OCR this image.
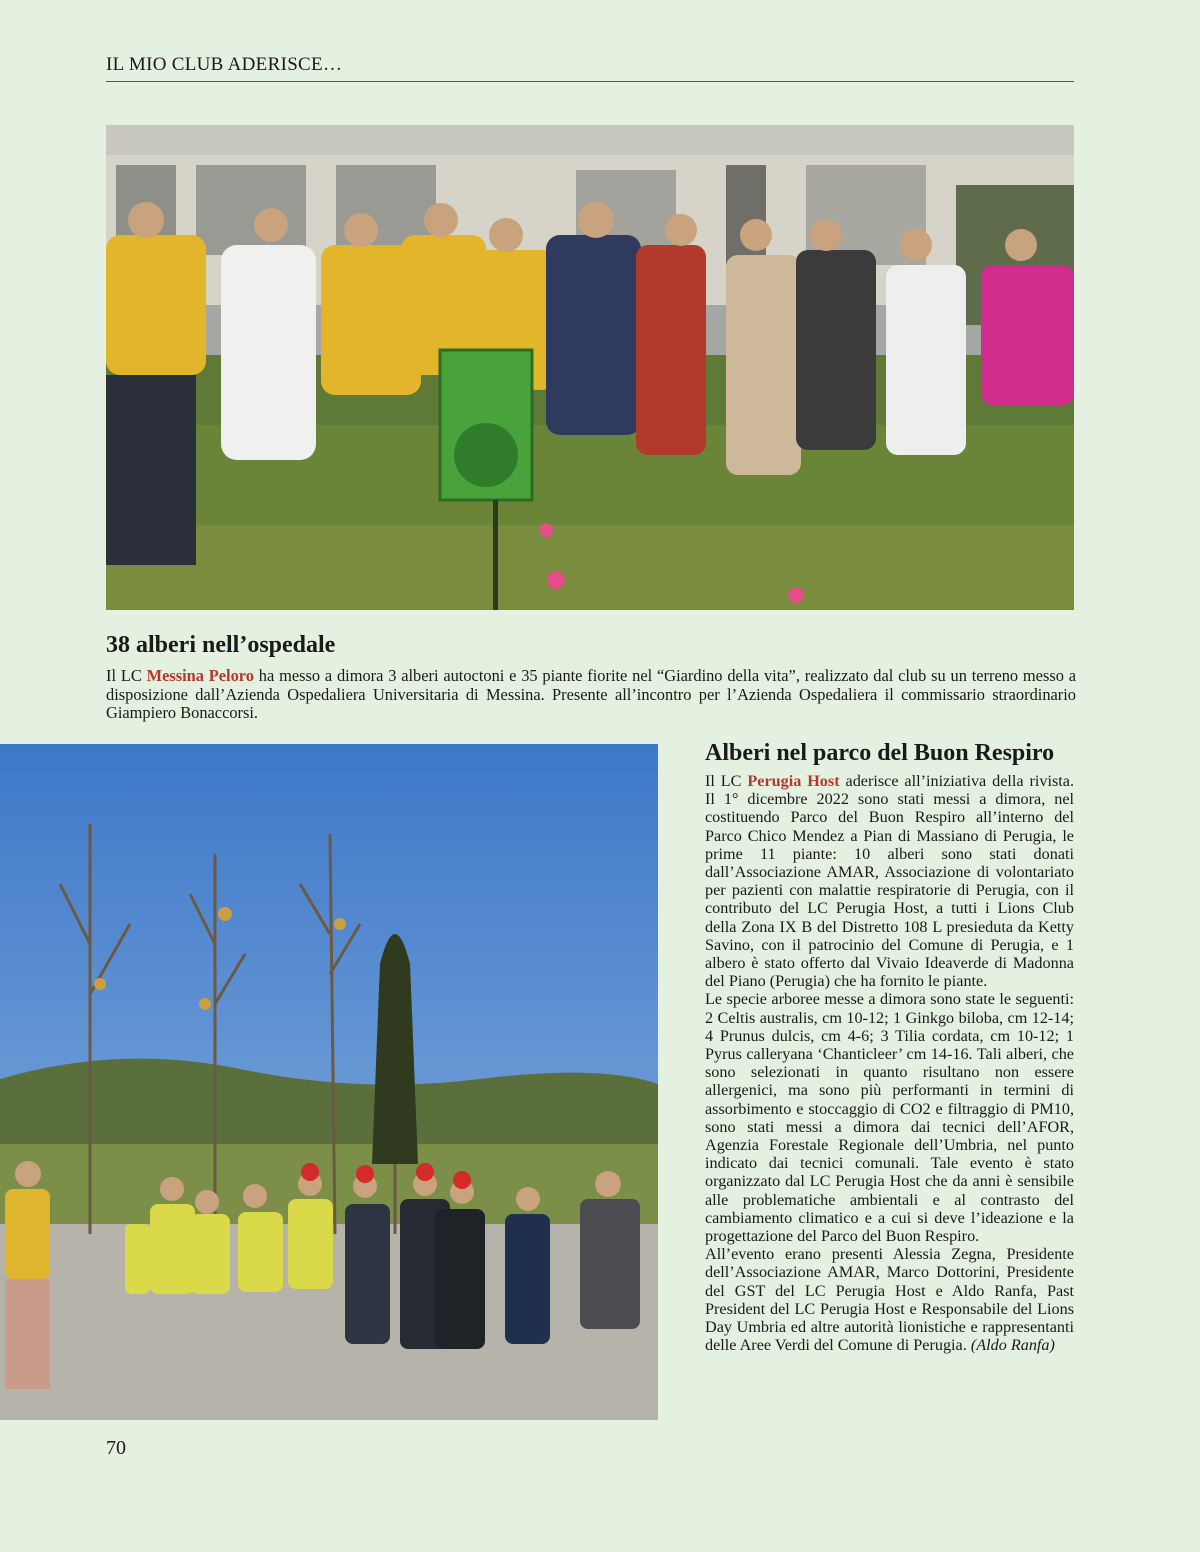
IL MIO CLUB ADERISCE…
38 alberi nell’ospedale

Il LC Messina Peloro ha messo a dimora 3 alberi autoctoni e 35 piante fiorite nel “Giardino della vita”, realizzato dal club su un terreno messo a disposizione dall’Azienda Ospedaliera Universitaria di Messina. Presente all’incontro per l’Azienda Ospedaliera il commissario straordinario Giampiero Bonaccorsi.

Alberi nel parco del Buon Respiro

Il LC Perugia Host aderisce all’iniziativa della rivista. Il 1° dicembre 2022 sono stati messi a dimora, nel costituendo Parco del Buon Respiro all’interno del Parco Chico Mendez a Pian di Massiano di Perugia, le prime 11 piante: 10 alberi sono stati donati dall’Associazione AMAR, Associazione di volontariato per pazienti con malattie respiratorie di Perugia, con il contributo del LC Perugia Host, a tutti i Lions Club della Zona IX B del Distretto 108 L presieduta da Ketty Savino, con il patrocinio del Comune di Perugia, e 1 albero è stato offerto dal Vivaio Ideaverde di Madonna del Piano (Perugia) che ha fornito le piante.

Le specie arboree messe a dimora sono state le seguenti: 2 Celtis australis, cm 10-12; 1 Ginkgo biloba, cm 12-14; 4 Prunus dulcis, cm 4-6; 3 Tilia cordata, cm 10-12; 1 Pyrus calleryana ‘Chanticleer’ cm 14-16. Tali alberi, che sono selezionati in quanto risultano non essere allergenici, ma sono più performanti in termini di assorbimento e stoccaggio di CO2 e filtraggio di PM10, sono stati messi a dimora dai tecnici dell’AFOR, Agenzia Forestale Regionale dell’Umbria, nel punto indicato dai tecnici comunali. Tale evento è stato organizzato dal LC Perugia Host che da anni è sensibile alle problematiche ambientali e al contrasto del cambiamento climatico e a cui si deve l’ideazione e la progettazione del Parco del Buon Respiro.

All’evento erano presenti Alessia Zegna, Presidente dell’Associazione AMAR, Marco Dottorini, Presidente del GST del LC Perugia Host e Aldo Ranfa, Past President del LC Perugia Host e Responsabile del Lions Day Umbria ed altre autorità lionistiche e rappresentanti delle Aree Verdi del Comune di Perugia. (Aldo Ranfa)

70
